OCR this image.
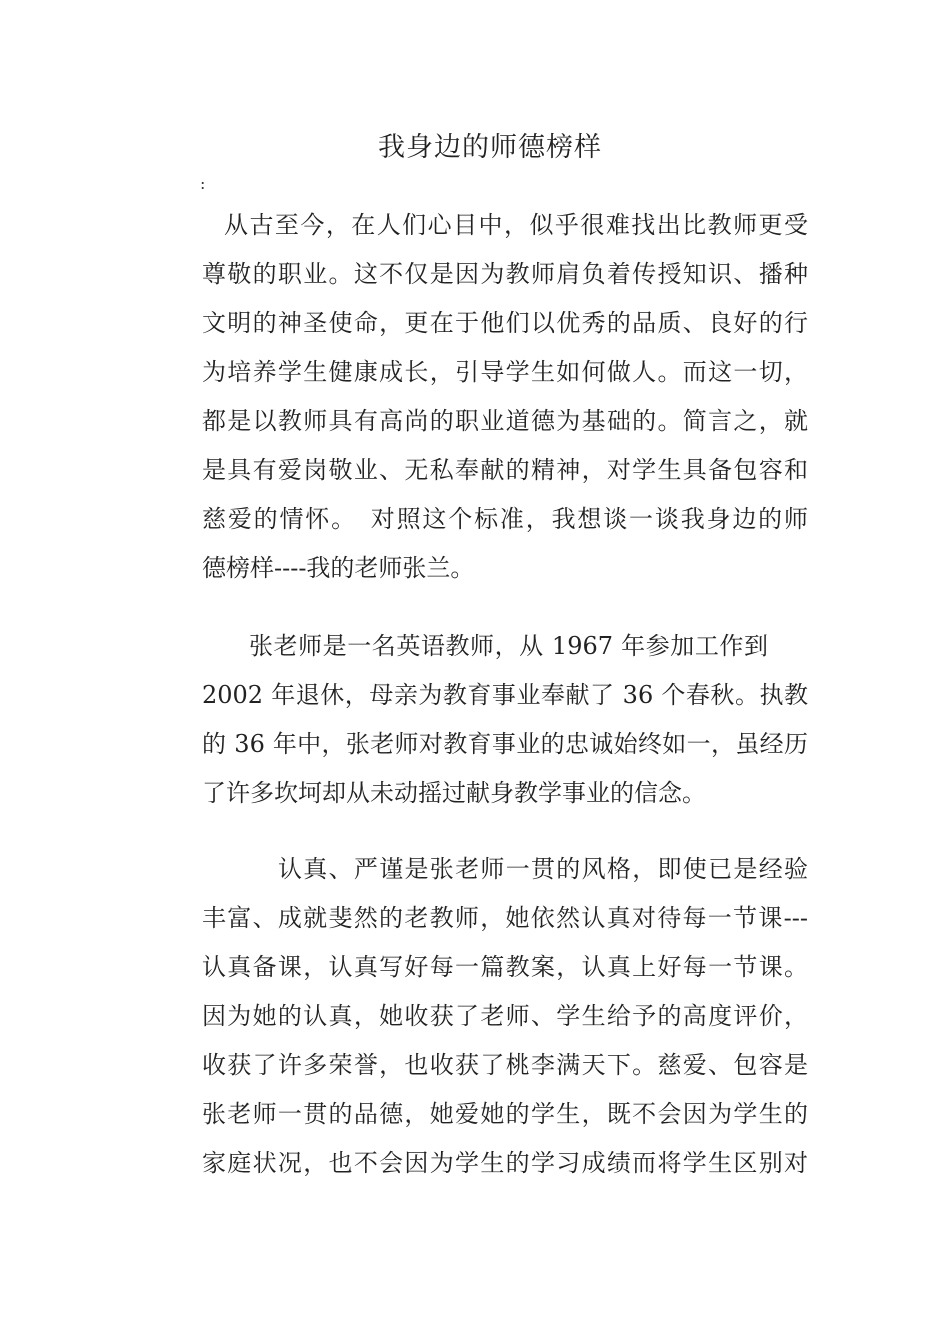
我身边的师德榜样
:
从古至今，在人们心目中，似乎很难找出比教师更受
尊敬的职业。这不仅是因为教师肩负着传授知识、播种
文明的神圣使命，更在于他们以优秀的品质、良好的行
为培养学生健康成长，引导学生如何做人。而这一切，
都是以教师具有高尚的职业道德为基础的。简言之，就
是具有爱岗敬业、无私奉献的精神，对学生具备包容和
慈爱的情怀。　对照这个标准，我想谈一谈我身边的师
德榜样----我的老师张兰。
张老师是一名英语教师，从 1967 年参加工作到
2002 年退休，母亲为教育事业奉献了 36 个春秋。执教
的 36 年中，张老师对教育事业的忠诚始终如一，虽经历
了许多坎坷却从未动摇过献身教学事业的信念。
认真、严谨是张老师一贯的风格，即使已是经验
丰富、成就斐然的老教师，她依然认真对待每一节课---
认真备课，认真写好每一篇教案，认真上好每一节课。
因为她的认真，她收获了老师、学生给予的高度评价，
收获了许多荣誉，也收获了桃李满天下。慈爱、包容是
张老师一贯的品德，她爱她的学生，既不会因为学生的
家庭状况，也不会因为学生的学习成绩而将学生区别对
